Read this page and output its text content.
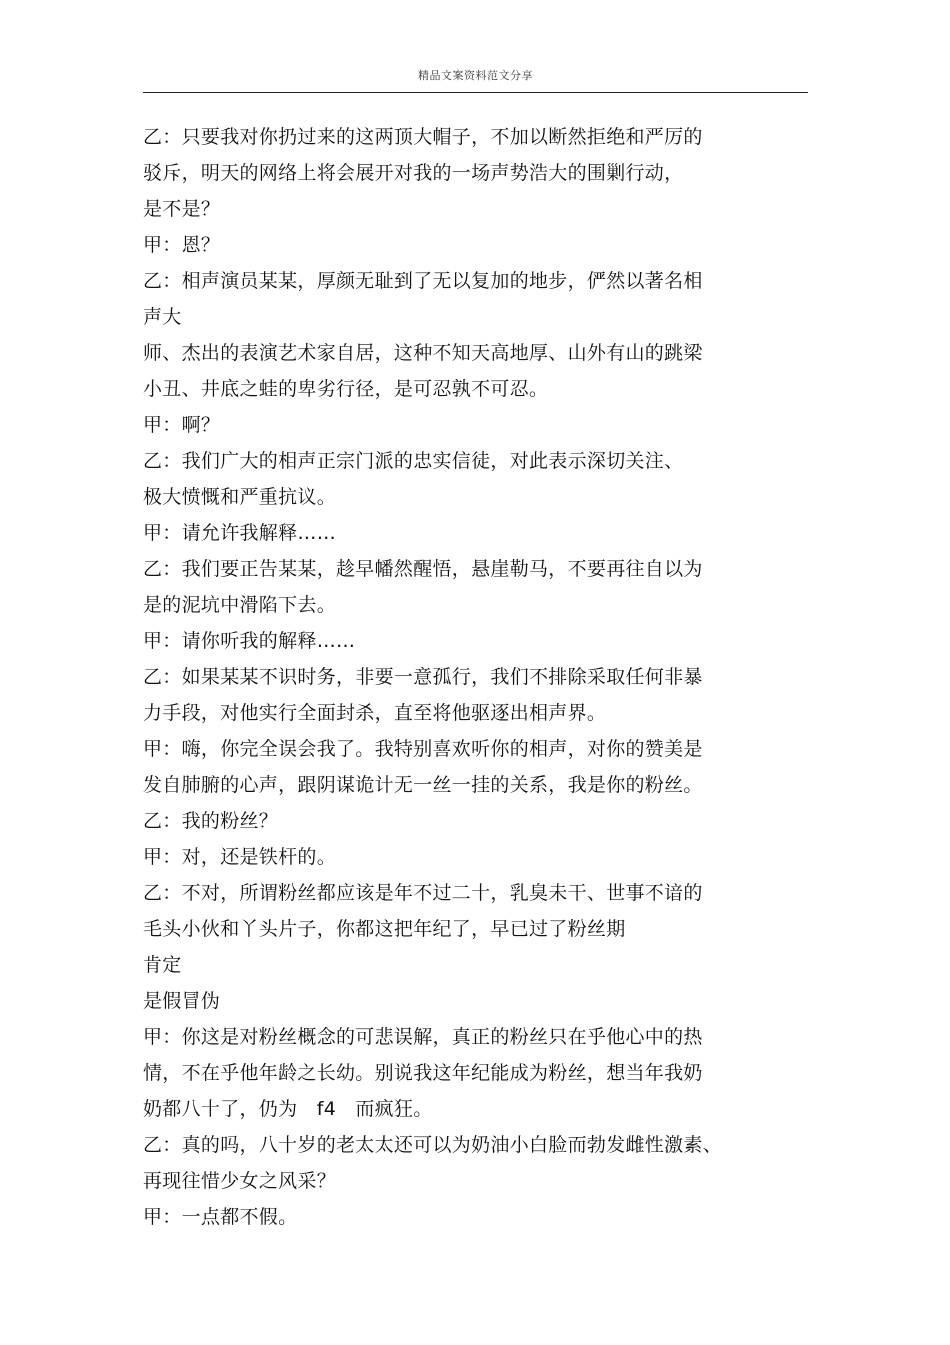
精品文案资料范文分享
乙：只要我对你扔过来的这两顶大帽子，不加以断然拒绝和严厉的
驳斥，明天的网络上将会展开对我的一场声势浩大的围剿行动，
是不是？
甲：恩？
乙：相声演员某某，厚颜无耻到了无以复加的地步，俨然以著名相
声大
师、杰出的表演艺术家自居，这种不知天高地厚、山外有山的跳梁
小丑、井底之蛙的卑劣行径，是可忍孰不可忍。
甲：啊？
乙：我们广大的相声正宗门派的忠实信徒，对此表示深切关注、
极大愤慨和严重抗议。
甲：请允许我解释……
乙：我们要正告某某，趁早幡然醒悟，悬崖勒马，不要再往自以为
是的泥坑中滑陷下去。
甲：请你听我的解释……
乙：如果某某不识时务，非要一意孤行，我们不排除采取任何非暴
力手段，对他实行全面封杀，直至将他驱逐出相声界。
甲：嗨，你完全误会我了。我特别喜欢听你的相声，对你的赞美是
发自肺腑的心声，跟阴谋诡计无一丝一挂的关系，我是你的粉丝。
乙：我的粉丝？
甲：对，还是铁杆的。
乙：不对，所谓粉丝都应该是年不过二十，乳臭未干、世事不谙的
毛头小伙和丫头片子，你都这把年纪了，早已过了粉丝期
肯定
是假冒伪
甲：你这是对粉丝概念的可悲误解，真正的粉丝只在乎他心中的热
情，不在乎他年龄之长幼。别说我这年纪能成为粉丝，想当年我奶
奶都八十了，仍为　f4　而疯狂。
乙：真的吗，八十岁的老太太还可以为奶油小白脸而勃发雌性激素、
再现往惜少女之风采？
甲：一点都不假。
